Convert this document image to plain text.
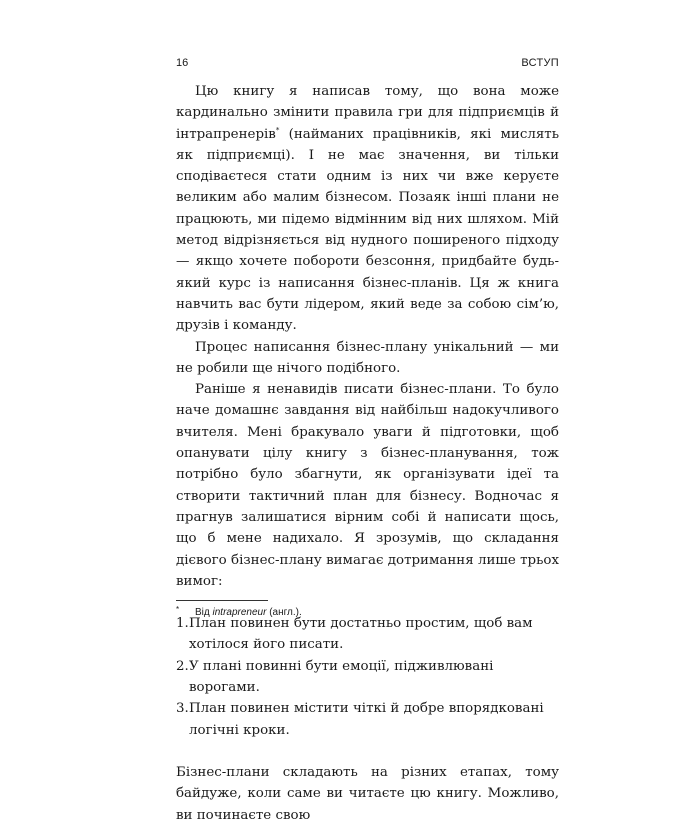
16	ВСТУП

Цю книгу я написав тому, що вона може кардинально змінити правила гри для підприємців й інтрапренерів* (найманих працівників, які мислять як підприємці). І не має значення, ви тільки сподіваєтеся стати одним із них чи вже керуєте великим або малим бізнесом. Позаяк інші плани не працюють, ми підемо відмінним від них шляхом. Мій метод відрізняється від нудного поширеного підходу — якщо хочете побороти безсоння, придбайте будь-який курс із написання бізнес-планів. Ця ж книга навчить вас бути лідером, який веде за собою сім’ю, друзів і команду.

Процес написання бізнес-плану унікальний — ми не робили ще нічого подібного.

Раніше я ненавидів писати бізнес-плани. То було наче домашнє завдання від найбільш надокучливого вчителя. Мені бракувало уваги й підготовки, щоб опанувати цілу книгу з бізнес-планування, тож потрібно було збагнути, як організувати ідеї та створити тактичний план для бізнесу. Водночас я прагнув залишатися вірним собі й написати щось, що б мене надихало. Я зрозумів, що складання дієвого бізнес-плану вимагає дотримання лише трьох вимог:

1. План повинен бути достатньо простим, щоб вам хотілося його писати.
2. У плані повинні бути емоції, підживлювані ворогами.
3. План повинен містити чіткі й добре впорядковані логічні кроки.

Бізнес-плани складають на різних етапах, тому байдуже, коли саме ви читаєте цю книгу. Можливо, ви починаєте свою

* Від intrapreneur (англ.).
